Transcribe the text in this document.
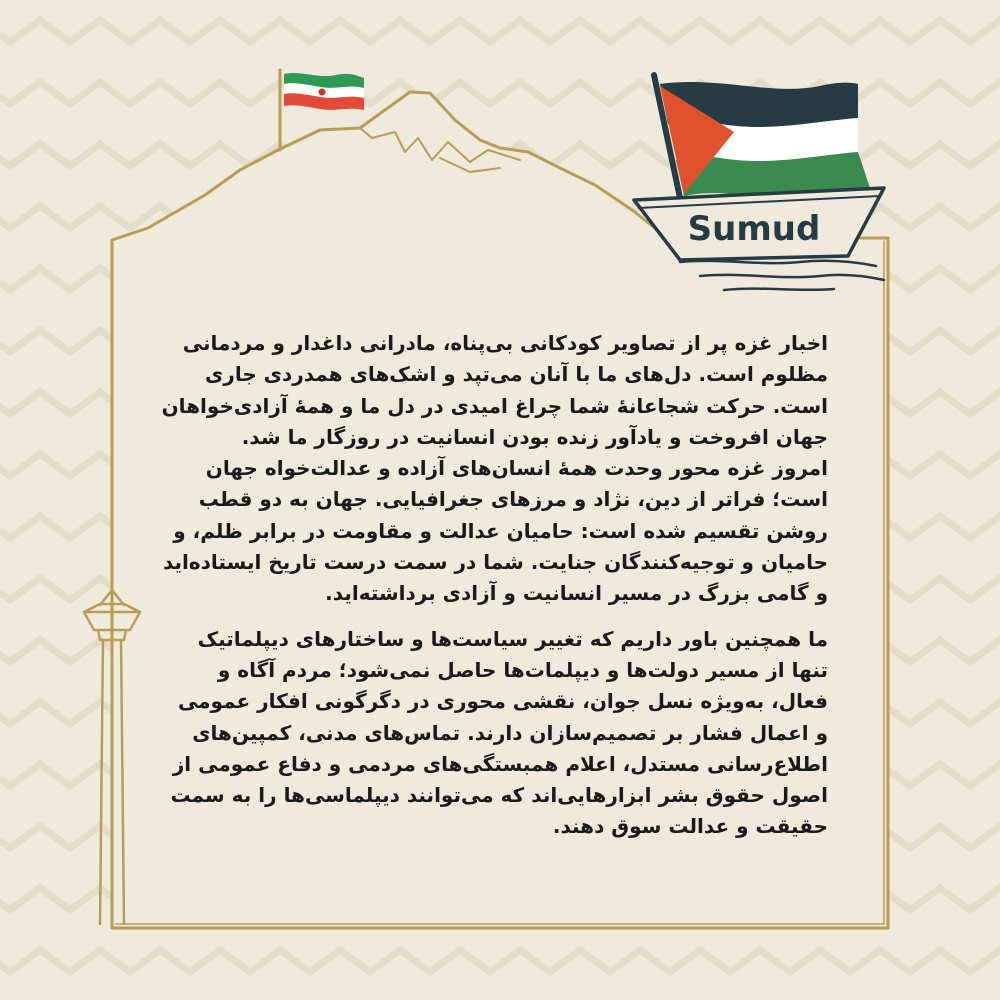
Sumud

اخبار غزه پر از تصاویر کودکانی بی‌پناه، مادرانی داغدار و مردمانی مظلوم است. دل‌های ما با آنان می‌تپد و اشک‌های همدردی جاری است. حرکت شجاعانهٔ شما چراغ امیدی در دل ما و همهٔ آزادی‌خواهان جهان افروخت و یادآور زنده بودن انسانیت در روزگار ما شد.

امروز غزه محور وحدت همهٔ انسان‌های آزاده و عدالت‌خواه جهان است؛ فراتر از دین، نژاد و مرزهای جغرافیایی. جهان به دو قطب روشن تقسیم شده است: حامیان عدالت و مقاومت در برابر ظلم، و حامیان و توجیه‌کنندگان جنایت. شما در سمت درست تاریخ ایستاده‌اید و گامی بزرگ در مسیر انسانیت و آزادی برداشته‌اید.

ما همچنین باور داریم که تغییر سیاست‌ها و ساختارهای دیپلماتیک تنها از مسیر دولت‌ها و دیپلمات‌ها حاصل نمی‌شود؛ مردم آگاه و فعال، به‌ویژه نسل جوان، نقشی محوری در دگرگونی افکار عمومی و اعمال فشار بر تصمیم‌سازان دارند. تماس‌های مدنی، کمپین‌های اطلاع‌رسانی مستدل، اعلام همبستگی‌های مردمی و دفاع عمومی از اصول حقوق بشر ابزارهایی‌اند که می‌توانند دیپلماسی‌ها را به سمت حقیقت و عدالت سوق دهند.
